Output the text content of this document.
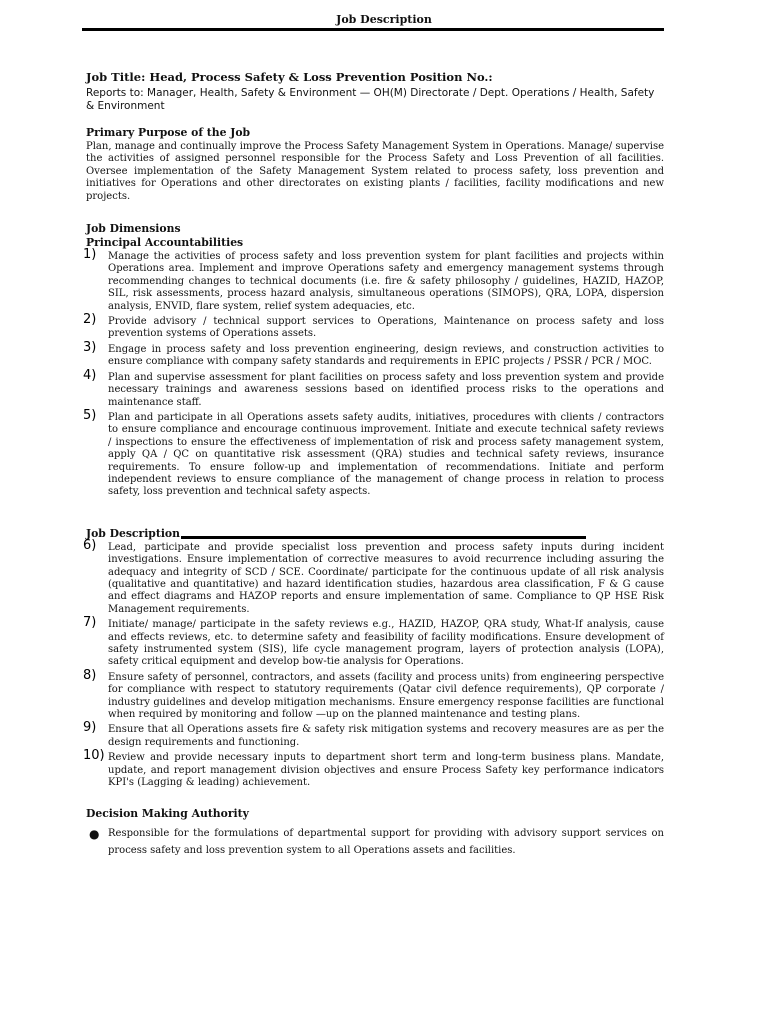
Job Description
Job Title: Head, Process Safety & Loss Prevention Position No.:
Reports to: Manager, Health, Safety & Environment — OH(M) Directorate / Dept. Operations / Health, Safety & Environment
Primary Purpose of the Job
Plan, manage and continually improve the Process Safety Management System in Operations. Manage/ supervise the activities of assigned personnel responsible for the Process Safety and Loss Prevention of all facilities. Oversee implementation of the Safety Management System related to process safety, loss prevention and initiatives for Operations and other directorates on existing plants / facilities, facility modifications and new projects.
Job Dimensions
Principal Accountabilities
1) Manage the activities of process safety and loss prevention system for plant facilities and projects within Operations area. Implement and improve Operations safety and emergency management systems through recommending changes to technical documents (i.e. fire & safety philosophy / guidelines, HAZID, HAZOP, SIL, risk assessments, process hazard analysis, simultaneous operations (SIMOPS), QRA, LOPA, dispersion analysis, ENVID, flare system, relief system adequacies, etc.
2) Provide advisory / technical support services to Operations, Maintenance on process safety and loss prevention systems of Operations assets.
3) Engage in process safety and loss prevention engineering, design reviews, and construction activities to ensure compliance with company safety standards and requirements in EPIC projects / PSSR / PCR / MOC.
4) Plan and supervise assessment for plant facilities on process safety and loss prevention system and provide necessary trainings and awareness sessions based on identified process risks to the operations and maintenance staff.
5) Plan and participate in all Operations assets safety audits, initiatives, procedures with clients / contractors to ensure compliance and encourage continuous improvement. Initiate and execute technical safety reviews / inspections to ensure the effectiveness of implementation of risk and process safety management system, apply QA / QC on quantitative risk assessment (QRA) studies and technical safety reviews, insurance requirements. To ensure follow-up and implementation of recommendations. Initiate and perform independent reviews to ensure compliance of the management of change process in relation to process safety, loss prevention and technical safety aspects.
Job Description
6) Lead, participate and provide specialist loss prevention and process safety inputs during incident investigations. Ensure implementation of corrective measures to avoid recurrence including assuring the adequacy and integrity of SCD / SCE. Coordinate/ participate for the continuous update of all risk analysis (qualitative and quantitative) and hazard identification studies, hazardous area classification, F & G cause and effect diagrams and HAZOP reports and ensure implementation of same. Compliance to QP HSE Risk Management requirements.
7) Initiate/ manage/ participate in the safety reviews e.g., HAZID, HAZOP, QRA study, What-If analysis, cause and effects reviews, etc. to determine safety and feasibility of facility modifications. Ensure development of safety instrumented system (SIS), life cycle management program, layers of protection analysis (LOPA), safety critical equipment and develop bow-tie analysis for Operations.
8) Ensure safety of personnel, contractors, and assets (facility and process units) from engineering perspective for compliance with respect to statutory requirements (Qatar civil defence requirements), QP corporate / industry guidelines and develop mitigation mechanisms. Ensure emergency response facilities are functional when required by monitoring and follow —up on the planned maintenance and testing plans.
9) Ensure that all Operations assets fire & safety risk mitigation systems and recovery measures are as per the design requirements and functioning.
10) Review and provide necessary inputs to department short term and long-term business plans. Mandate, update, and report management division objectives and ensure Process Safety key performance indicators KPI's (Lagging & leading) achievement.
Decision Making Authority
● Responsible for the formulations of departmental support for providing with advisory support services on process safety and loss prevention system to all Operations assets and facilities.
